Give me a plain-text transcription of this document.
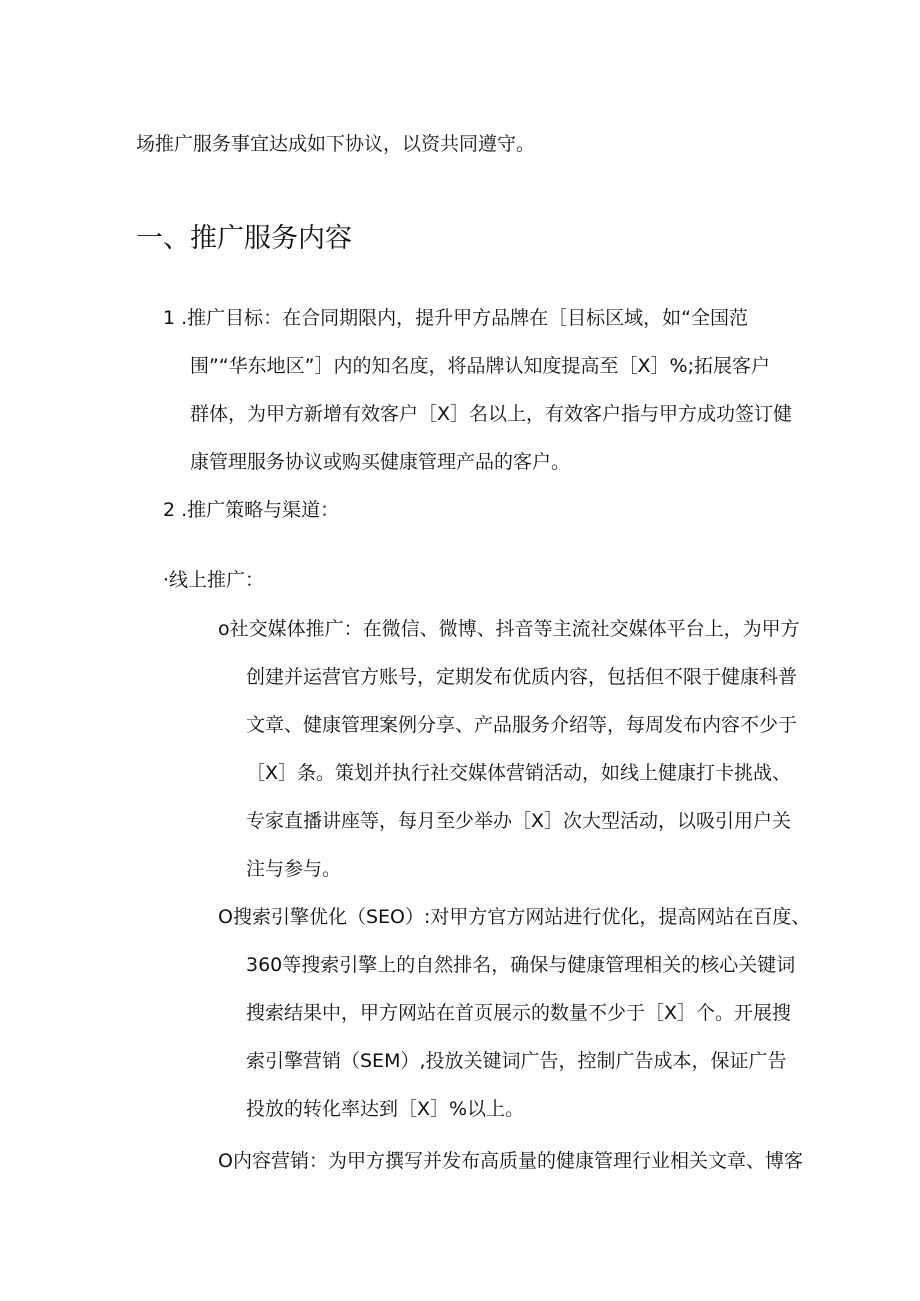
场推广服务事宜达成如下协议，以资共同遵守。
一、推广服务内容
1 .推广目标：在合同期限内，提升甲方品牌在［目标区域，如“全国范
围”“华东地区”］内的知名度，将品牌认知度提高至［X］%;拓展客户
群体，为甲方新增有效客户［X］名以上，有效客户指与甲方成功签订健
康管理服务协议或购买健康管理产品的客户。
2 .推广策略与渠道：
·线上推广：
o社交媒体推广：在微信、微博、抖音等主流社交媒体平台上，为甲方
创建并运营官方账号，定期发布优质内容，包括但不限于健康科普
文章、健康管理案例分享、产品服务介绍等，每周发布内容不少于
［X］条。策划并执行社交媒体营销活动，如线上健康打卡挑战、
专家直播讲座等，每月至少举办［X］次大型活动，以吸引用户关
注与参与。
O搜索引擎优化（SEO）:对甲方官方网站进行优化，提高网站在百度、
360等搜索引擎上的自然排名，确保与健康管理相关的核心关键词
搜索结果中，甲方网站在首页展示的数量不少于［X］个。开展搜
索引擎营销（SEM）,投放关键词广告，控制广告成本，保证广告
投放的转化率达到［X］%以上。
O内容营销：为甲方撰写并发布高质量的健康管理行业相关文章、博客
